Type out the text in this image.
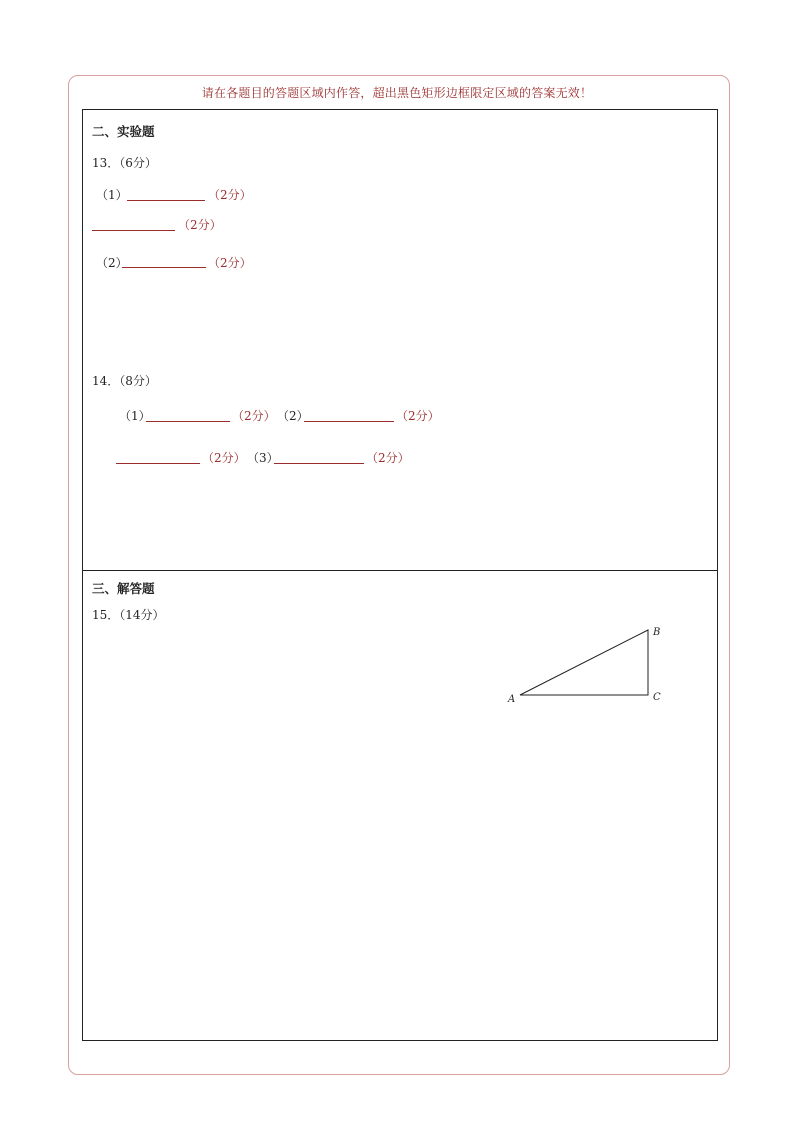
请在各题目的答题区域内作答，超出黑色矩形边框限定区域的答案无效！
二、实验题
13．（6分）
（1）	（2分）
（2分）
（2）	（2分）
14．（8分）
（1）	（2分） （2）	（2分）
（2分） （3）	（2分）
三、解答题
15．（14分）
A
B
C
